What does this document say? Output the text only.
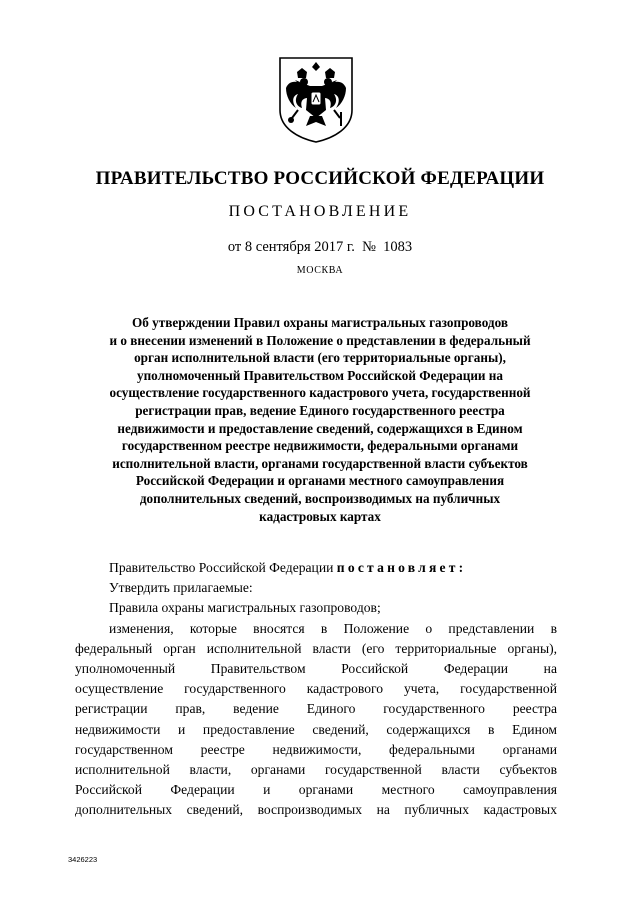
ПРАВИТЕЛЬСТВО РОССИЙСКОЙ ФЕДЕРАЦИИ
ПОСТАНОВЛЕНИЕ
от 8 сентября 2017 г. № 1083
МОСКВА
Об утверждении Правил охраны магистральных газопроводов
и о внесении изменений в Положение о представлении в федеральный
орган исполнительной власти (его территориальные органы),
уполномоченный Правительством Российской Федерации на
осуществление государственного кадастрового учета, государственной
регистрации прав, ведение Единого государственного реестра
недвижимости и предоставление сведений, содержащихся в Едином
государственном реестре недвижимости, федеральными органами
исполнительной власти, органами государственной власти субъектов
Российской Федерации и органами местного самоуправления
дополнительных сведений, воспроизводимых на публичных
кадастровых картах

Правительство Российской Федерации постановляет:

Утвердить прилагаемые:

Правила охраны магистральных газопроводов;

изменения, которые вносятся в Положение о представлении в
федеральный орган исполнительной власти (его территориальные органы),
уполномоченный Правительством Российской Федерации на
осуществление государственного кадастрового учета, государственной
регистрации прав, ведение Единого государственного реестра
недвижимости и предоставление сведений, содержащихся в Едином
государственном реестре недвижимости, федеральными органами
исполнительной власти, органами государственной власти субъектов
Российской Федерации и органами местного самоуправления
дополнительных сведений, воспроизводимых на публичных кадастровых
3426223
